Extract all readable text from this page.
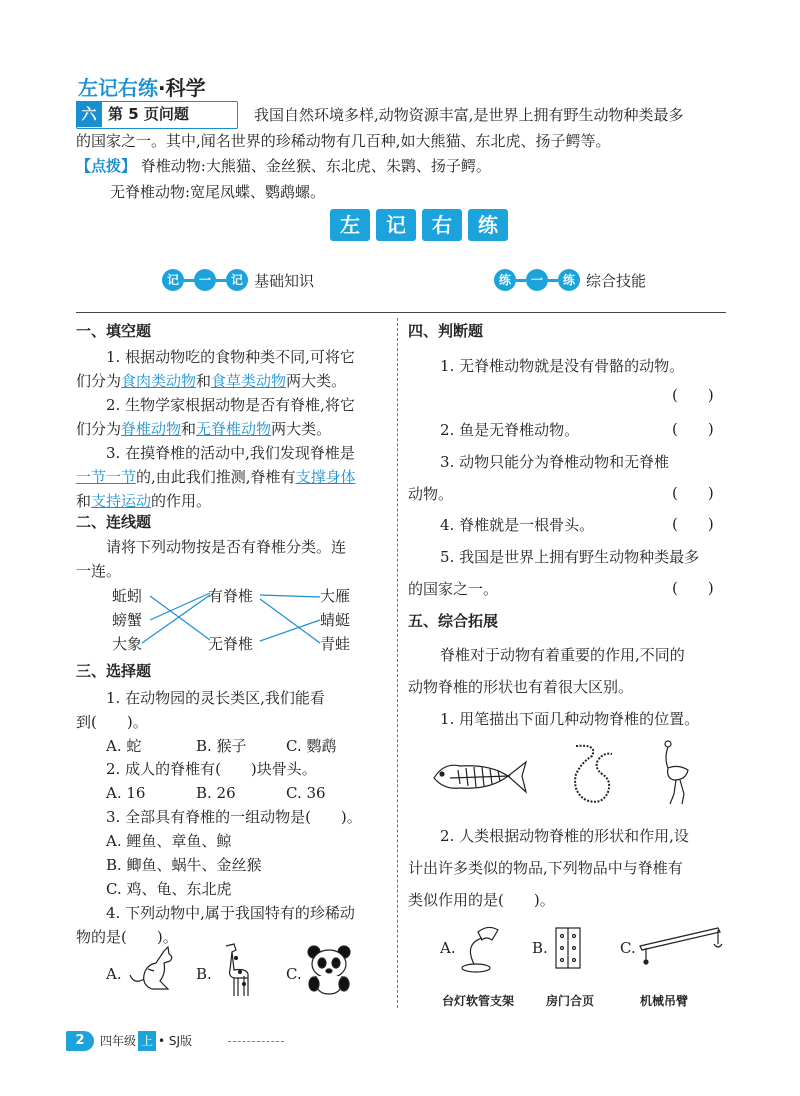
左记右练·科学
六 第 5 页问题	我国自然环境多样,动物资源丰富,是世界上拥有野生动物种类最多
的国家之一。其中,闻名世界的珍稀动物有几百种,如大熊猫、东北虎、扬子鳄等。
【点拨】 脊椎动物:大熊猫、金丝猴、东北虎、朱鹮、扬子鳄。
无脊椎动物:宽尾凤蝶、鹦鹉螺。
左	记	右	练
记	一	记 基础知识	练	一	练 综合技能
一、填空题
1. 根据动物吃的食物种类不同,可将它
们分为食肉类动物和食草类动物两大类。
2. 生物学家根据动物是否有脊椎,将它
们分为脊椎动物和无脊椎动物两大类。
3. 在摸脊椎的活动中,我们发现脊椎是
一节一节的,由此我们推测,脊椎有支撑身体
和支持运动的作用。
二、连线题
请将下列动物按是否有脊椎分类。连
一连。
蚯蚓
螃蟹
大象
有脊椎
无脊椎
大雁
蜻蜓
青蛙
三、选择题
1. 在动物园的灵长类区,我们能看
到(　　)。
A. 蛇	B. 猴子	C. 鹦鹉
2. 成人的脊椎有(　　)块骨头。
A. 16	B. 26	C. 36
3. 全部具有脊椎的一组动物是(　　)。
A. 鲤鱼、章鱼、鲸
B. 鲫鱼、蜗牛、金丝猴
C. 鸡、龟、东北虎
4. 下列动物中,属于我国特有的珍稀动
物的是(　　)。
A.	B.	C.
四、判断题
1. 无脊椎动物就是没有骨骼的动物。
(　　)
2. 鱼是无脊椎动物。	(　　)
3. 动物只能分为脊椎动物和无脊椎
动物。	(　　)
4. 脊椎就是一根骨头。	(　　)
5. 我国是世界上拥有野生动物种类最多
的国家之一。	(　　)
五、综合拓展
脊椎对于动物有着重要的作用,不同的
动物脊椎的形状也有着很大区别。
1. 用笔描出下面几种动物脊椎的位置。
2. 人类根据动物脊椎的形状和作用,设
计出许多类似的物品,下列物品中与脊椎有
类似作用的是(　　)。
A.	B.	C.
台灯软管支架	房门合页	机械吊臂
2	四年级 上 • SJ版
